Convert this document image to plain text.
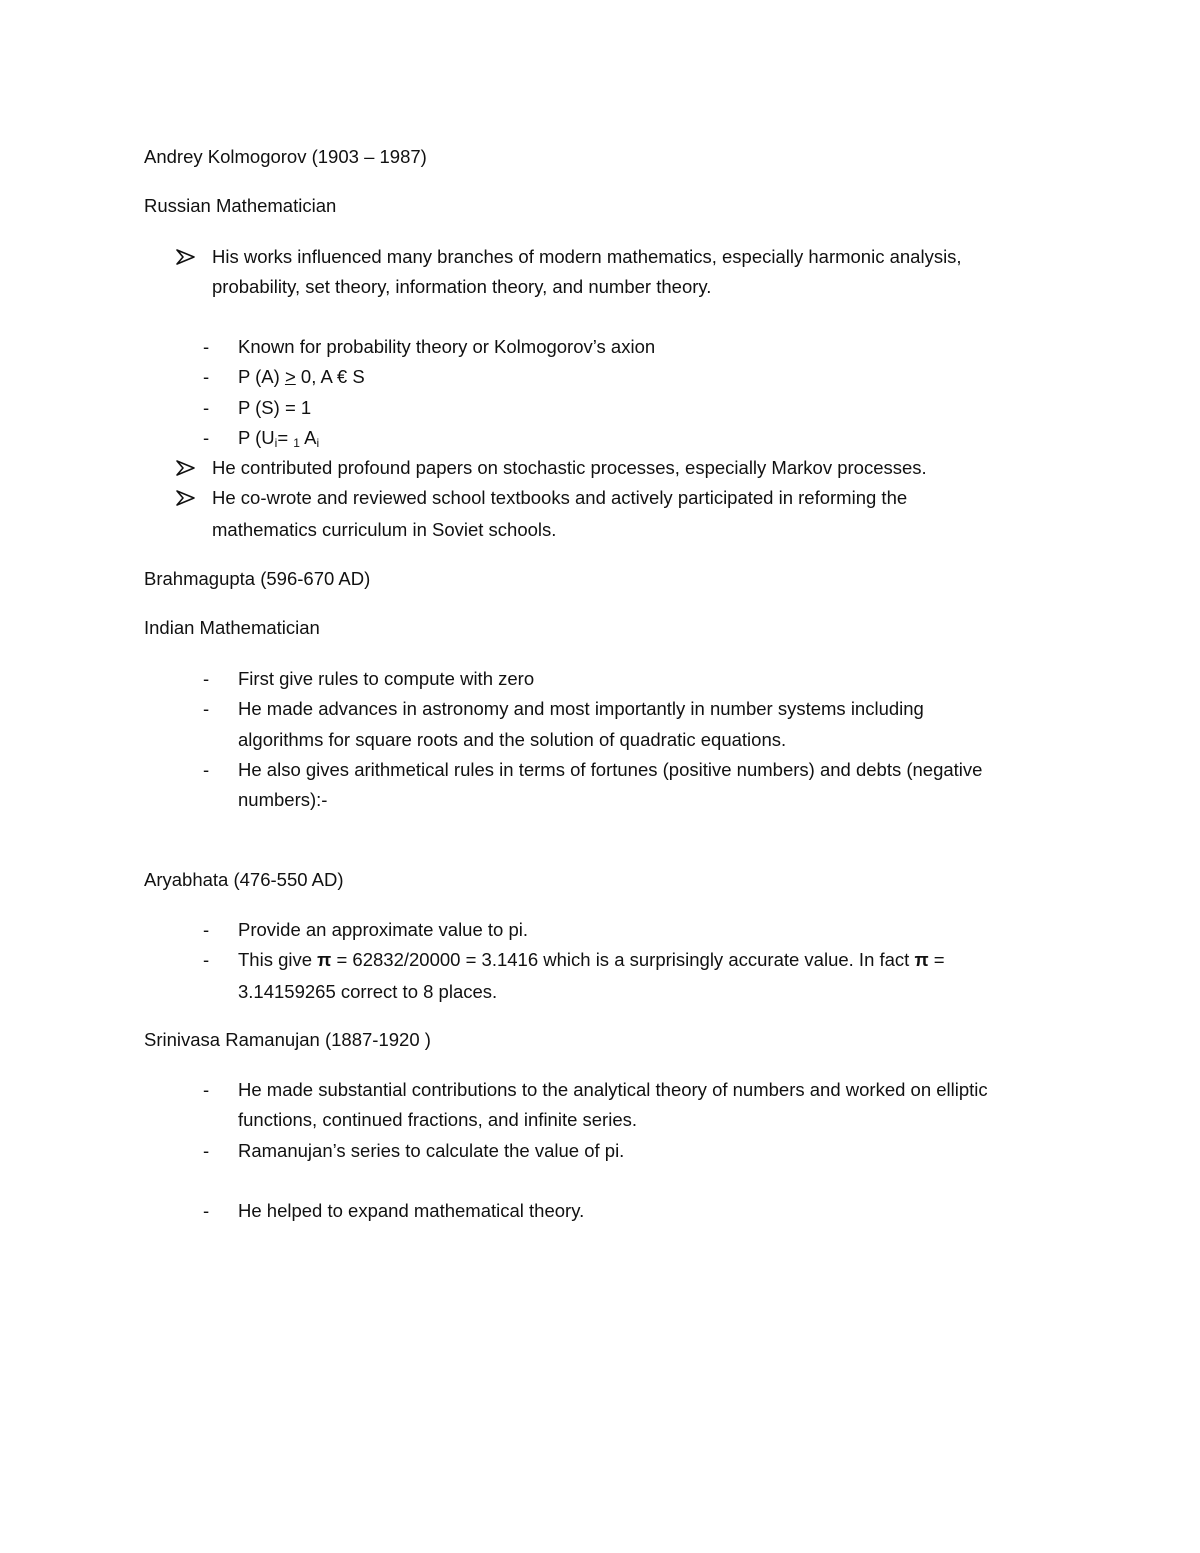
Andrey Kolmogorov (1903 – 1987)
Russian Mathematician
His works influenced many branches of modern mathematics, especially harmonic analysis,
probability, set theory, information theory, and number theory.
- Known for probability theory or Kolmogorov’s axion
- P (A) ≥ 0, A € S
- P (S) = 1
- P ($U_i= _1$ $A_i$
He contributed profound papers on stochastic processes, especially Markov processes.
He co-wrote and reviewed school textbooks and actively participated in reforming the
mathematics curriculum in Soviet schools.
Brahmagupta (596-670 AD)
Indian Mathematician
- First give rules to compute with zero
- He made advances in astronomy and most importantly in number systems including
algorithms for square roots and the solution of quadratic equations.
- He also gives arithmetical rules in terms of fortunes (positive numbers) and debts (negative
numbers):-
Aryabhata (476-550 AD)
- Provide an approximate value to pi.
- This give π = 62832/20000 = 3.1416 which is a surprisingly accurate value. In fact π =
3.14159265 correct to 8 places.
Srinivasa Ramanujan (1887-1920 )
- He made substantial contributions to the analytical theory of numbers and worked on elliptic
functions, continued fractions, and infinite series.
- Ramanujan’s series to calculate the value of pi.
- He helped to expand mathematical theory.
